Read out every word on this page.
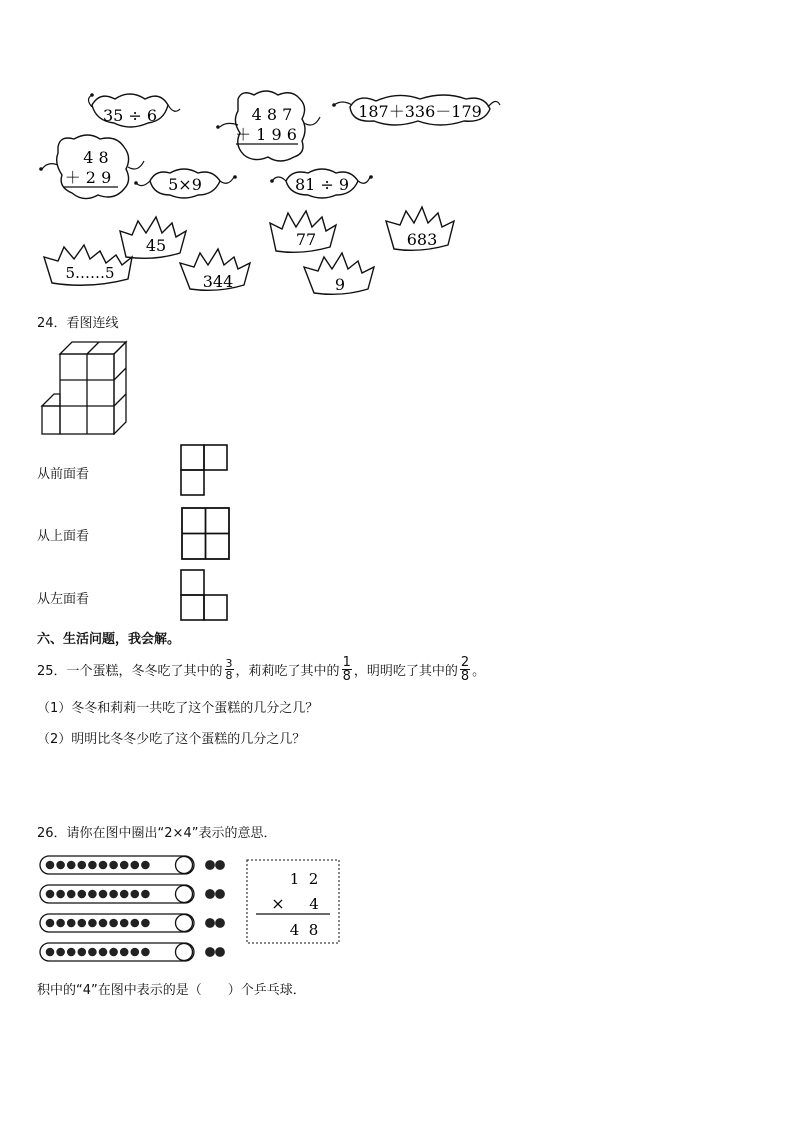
35 ÷ 6	4 8 7
＋ 1 9 6
187＋336－179
4 8
＋ 2 9	5×9	81 ÷ 9
45	77	683
5……5	344	9
24．看图连线
从前面看
从上面看
从左面看
六、生活问题，我会解。
25．一个蛋糕，冬冬吃了其中的 $\frac{3}{8}$ ，莉莉吃了其中的 $\frac{1}{8}$ ，明明吃了其中的 $\frac{2}{8}$ 。
（1）冬冬和莉莉一共吃了这个蛋糕的几分之几？
（2）明明比冬冬少吃了这个蛋糕的几分之几？
26．请你在图中圈出“2×4”表示的意思．
1  2
× 4
4  8
积中的“4”在图中表示的是（　　）个乒乓球．
